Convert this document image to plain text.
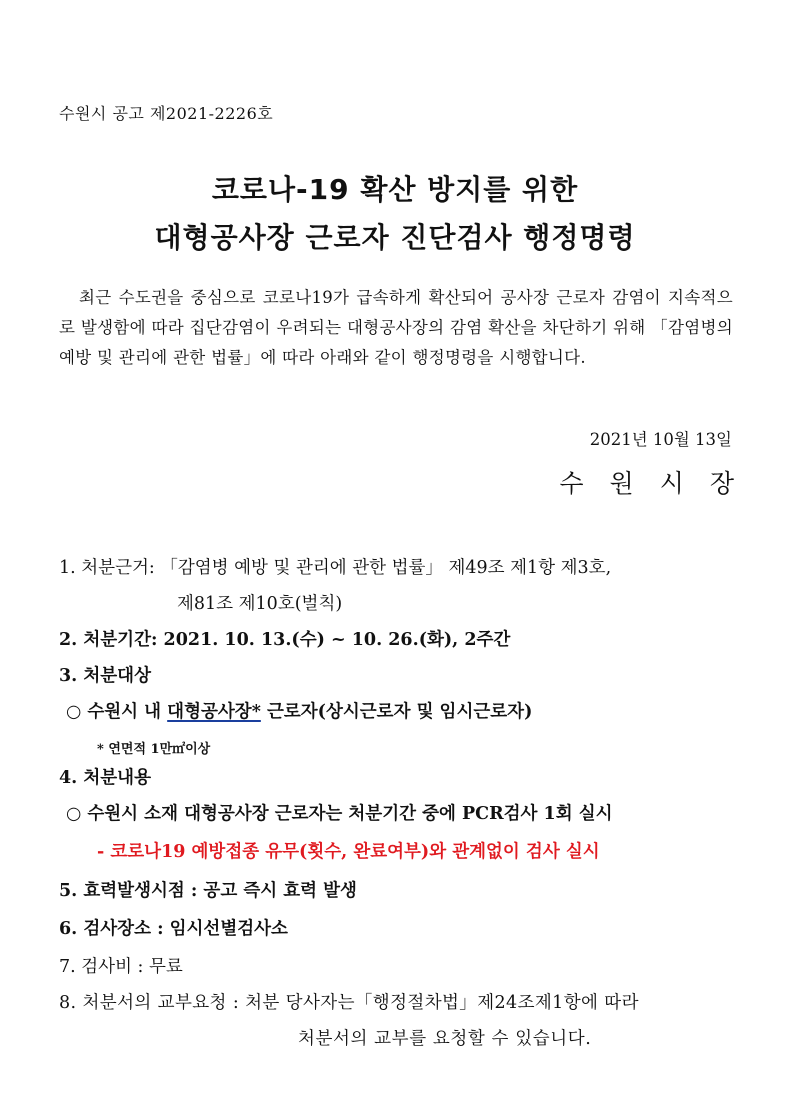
수원시 공고 제2021-2226호
코로나-19 확산 방지를 위한
대형공사장 근로자 진단검사 행정명령

최근 수도권을 중심으로 코로나19가 급속하게 확산되어 공사장 근로자 감염이 지속적으로 발생함에 따라 집단감염이 우려되는 대형공사장의 감염 확산을 차단하기 위해 「감염병의 예방 및 관리에 관한 법률」에 따라 아래와 같이 행정명령을 시행합니다.

2021년 10월 13일
수원시장
1. 처분근거: 「감염병 예방 및 관리에 관한 법률」 제49조 제1항 제3호,
제81조 제10호(벌칙)
2. 처분기간: 2021. 10. 13.(수) ~ 10. 26.(화), 2주간
3. 처분대상
○ 수원시 내 대형공사장* 근로자(상시근로자 및 임시근로자)
* 연면적 1만㎡이상
4. 처분내용
○ 수원시 소재 대형공사장 근로자는 처분기간 중에 PCR검사 1회 실시
- 코로나19 예방접종 유무(횟수, 완료여부)와 관계없이 검사 실시
5. 효력발생시점 : 공고 즉시 효력 발생
6. 검사장소 : 임시선별검사소
7. 검사비 : 무료
8. 처분서의 교부요청 : 처분 당사자는「행정절차법」제24조제1항에 따라
처분서의 교부를 요청할 수 있습니다.
